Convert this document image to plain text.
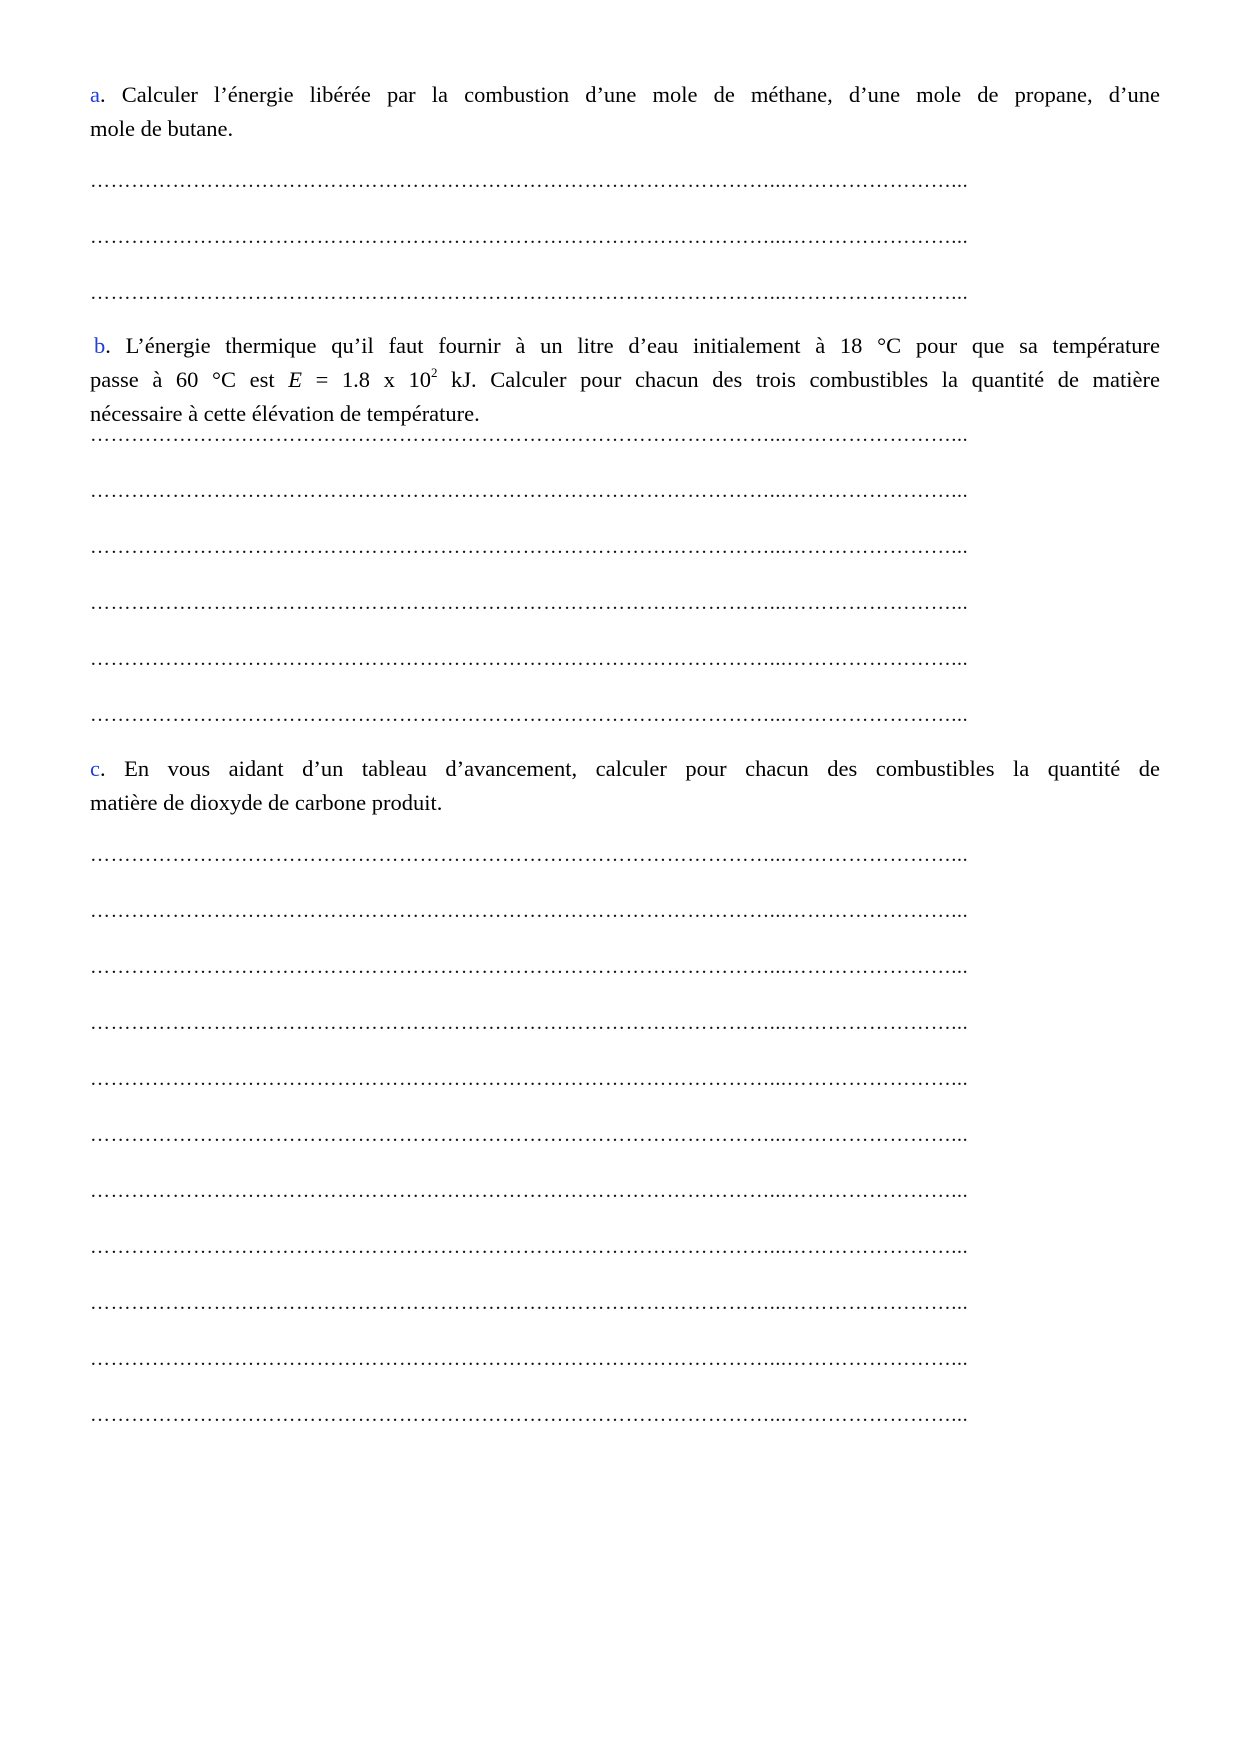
a. Calculer l’énergie libérée par la combustion d’une mole de méthane, d’une mole de propane, d’une
mole de butane.
………………………………………………………………………………………...……………………...
………………………………………………………………………………………...……………………...
………………………………………………………………………………………...……………………...
b. L’énergie thermique qu’il faut fournir à un litre d’eau initialement à 18 °C pour que sa température
passe à 60 °C est E = 1.8 x $10^2$ kJ. Calculer pour chacun des trois combustibles la quantité de matière
nécessaire à cette élévation de température.
………………………………………………………………………………………...……………………...
………………………………………………………………………………………...……………………...
………………………………………………………………………………………...……………………...
………………………………………………………………………………………...……………………...
………………………………………………………………………………………...……………………...
………………………………………………………………………………………...……………………...
c. En vous aidant d’un tableau d’avancement, calculer pour chacun des combustibles la quantité de
matière de dioxyde de carbone produit.
………………………………………………………………………………………...……………………...
………………………………………………………………………………………...……………………...
………………………………………………………………………………………...……………………...
………………………………………………………………………………………...……………………...
………………………………………………………………………………………...……………………...
………………………………………………………………………………………...……………………...
………………………………………………………………………………………...……………………...
………………………………………………………………………………………...……………………...
………………………………………………………………………………………...……………………...
………………………………………………………………………………………...……………………...
………………………………………………………………………………………...……………………...
